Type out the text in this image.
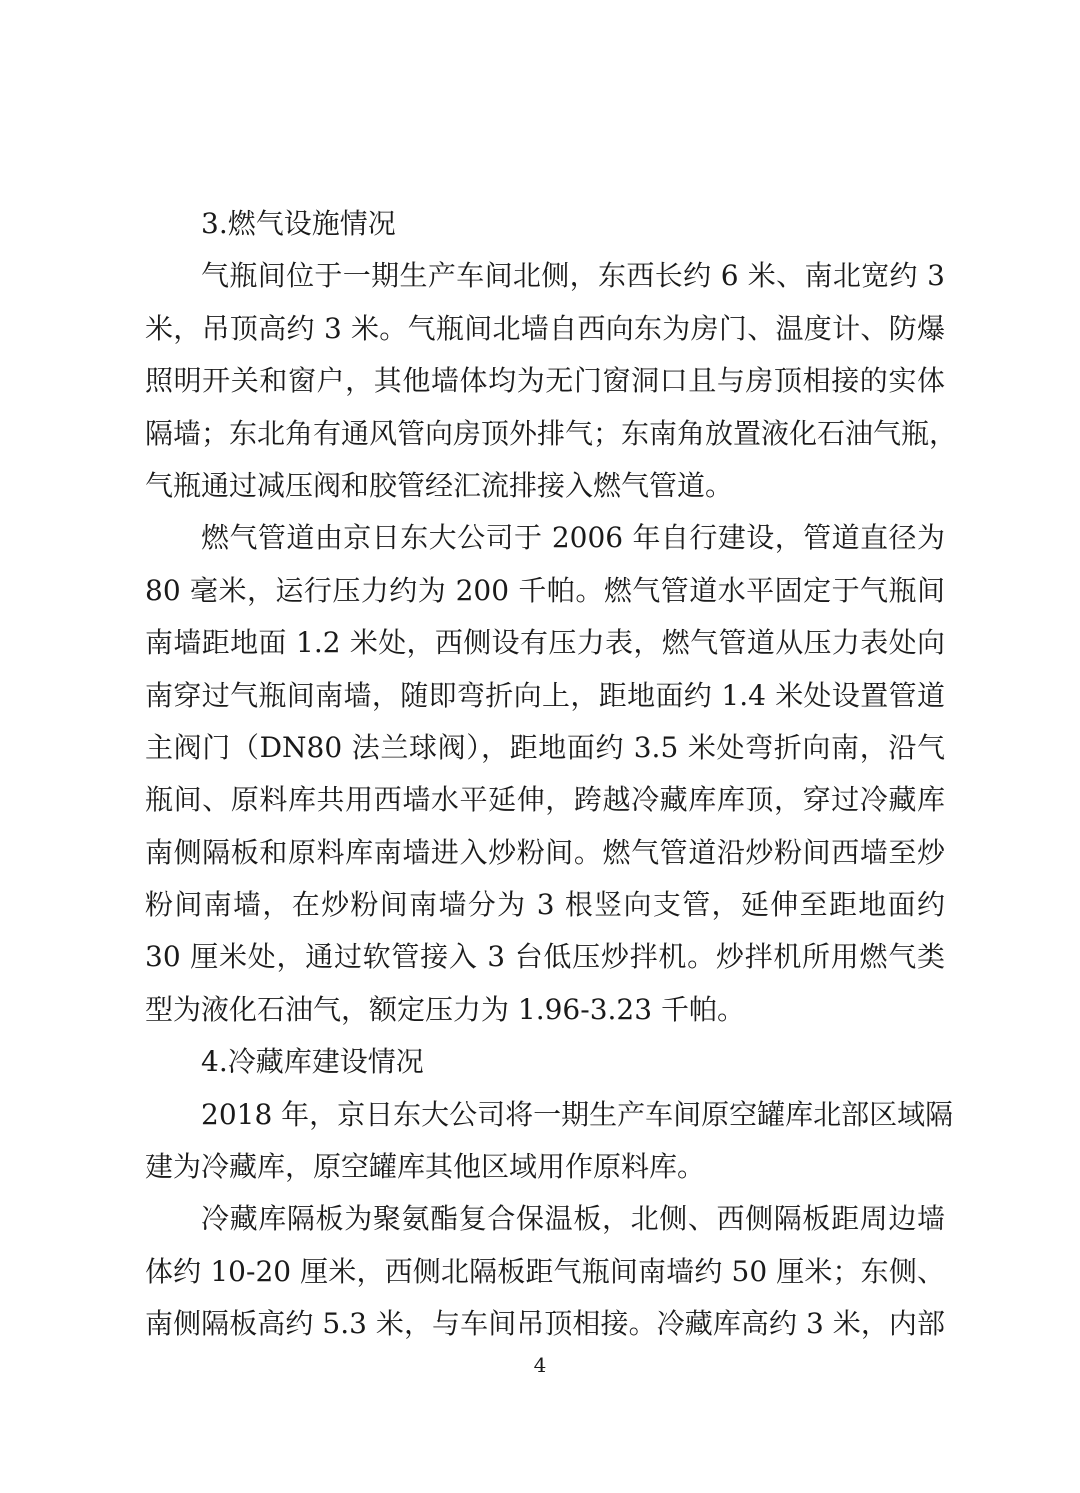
3.燃气设施情况
气瓶间位于一期生产车间北侧，东西长约 6 米、南北宽约 3
米，吊顶高约 3 米。气瓶间北墙自西向东为房门、温度计、防爆
照明开关和窗户，其他墙体均为无门窗洞口且与房顶相接的实体
隔墙；东北角有通风管向房顶外排气；东南角放置液化石油气瓶，
气瓶通过减压阀和胶管经汇流排接入燃气管道。
燃气管道由京日东大公司于 2006 年自行建设，管道直径为
80 毫米，运行压力约为 200 千帕。燃气管道水平固定于气瓶间
南墙距地面 1.2 米处，西侧设有压力表，燃气管道从压力表处向
南穿过气瓶间南墙，随即弯折向上，距地面约 1.4 米处设置管道
主阀门（DN80 法兰球阀），距地面约 3.5 米处弯折向南，沿气
瓶间、原料库共用西墙水平延伸，跨越冷藏库库顶，穿过冷藏库
南侧隔板和原料库南墙进入炒粉间。燃气管道沿炒粉间西墙至炒
粉间南墙，在炒粉间南墙分为 3 根竖向支管，延伸至距地面约
30 厘米处，通过软管接入 3 台低压炒拌机。炒拌机所用燃气类
型为液化石油气，额定压力为 1.96-3.23 千帕。
4.冷藏库建设情况
2018 年，京日东大公司将一期生产车间原空罐库北部区域隔
建为冷藏库，原空罐库其他区域用作原料库。
冷藏库隔板为聚氨酯复合保温板，北侧、西侧隔板距周边墙
体约 10-20 厘米，西侧北隔板距气瓶间南墙约 50 厘米；东侧、
南侧隔板高约 5.3 米，与车间吊顶相接。冷藏库高约 3 米，内部
4
